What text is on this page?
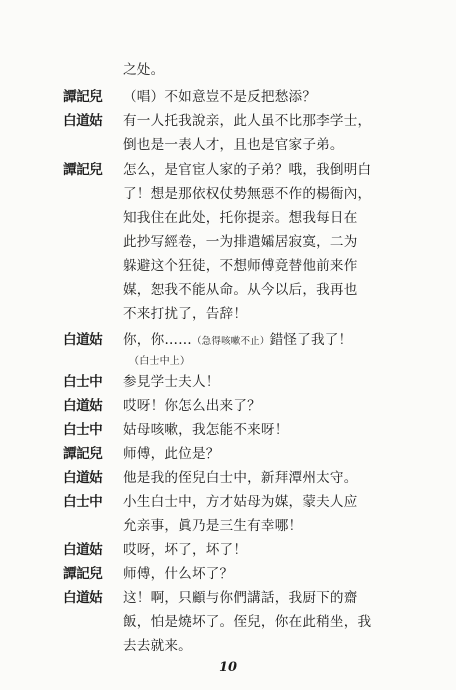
之处。
譚記兒	（唱）不如意豈不是反把愁添？
白道姑	有一人托我說亲，此人虽不比那李学士，
倒也是一表人才，且也是官家子弟。
譚記兒	怎么，是官宦人家的子弟？哦，我倒明白
了！想是那依权仗势無惡不作的楊衙內，
知我住在此处，托你提亲。想我每日在
此抄写經卷，一为排遣孀居寂寞，二为
躲避这个狂徒，不想师傅竟替他前来作
媒，恕我不能从命。从今以后，我再也
不来打扰了，告辞！
白道姑	你，你……（急得咳嗽不止）錯怪了我了！
（白士中上）
白士中	参見学士夫人！
白道姑	哎呀！你怎么出来了？
白士中	姑母咳嗽，我怎能不来呀！
譚記兒	师傅，此位是？
白道姑	他是我的侄兒白士中，新拜潭州太守。
白士中	小生白士中，方才姑母为媒，蒙夫人应
允亲事，眞乃是三生有幸哪！
白道姑	哎呀，坏了，坏了！
譚記兒	师傅，什么坏了？
白道姑	这！啊，只顧与你們講話，我厨下的齋
飯，怕是燒坏了。侄兒，你在此稍坐，我
去去就来。
10
